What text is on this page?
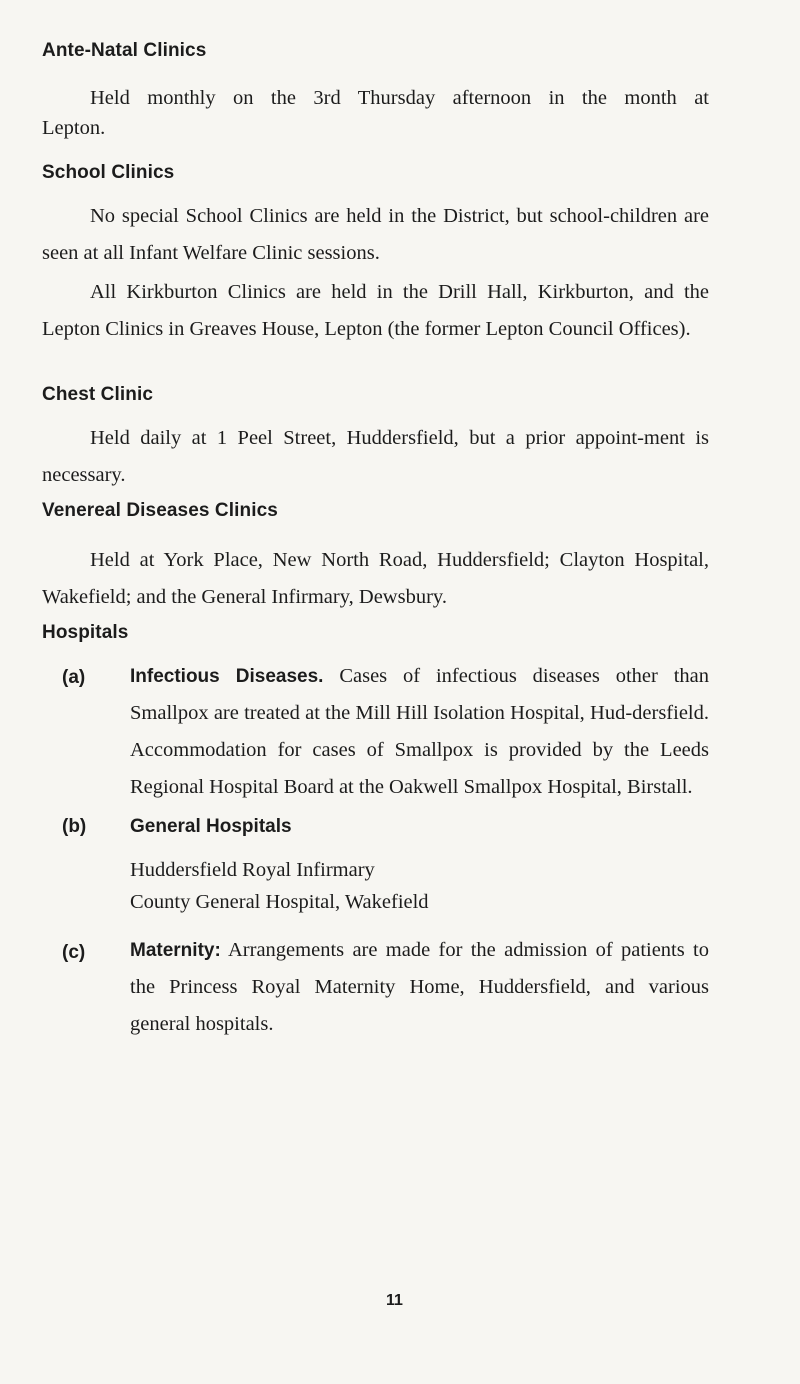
Ante-Natal Clinics

Held monthly on the 3rd Thursday afternoon in the month at

Lepton.

School Clinics

No special School Clinics are held in the District, but school-children are seen at all Infant Welfare Clinic sessions.

All Kirkburton Clinics are held in the Drill Hall, Kirkburton, and the Lepton Clinics in Greaves House, Lepton (the former Lepton Council Offices).

Chest Clinic

Held daily at 1 Peel Street, Huddersfield, but a prior appoint-ment is necessary.

Venereal Diseases Clinics

Held at York Place, New North Road, Huddersfield; Clayton Hospital, Wakefield; and the General Infirmary, Dewsbury.

Hospitals
(a) Infectious Diseases. Cases of infectious diseases other than Smallpox are treated at the Mill Hill Isolation Hospital, Hud-dersfield. Accommodation for cases of Smallpox is provided by the Leeds Regional Hospital Board at the Oakwell Smallpox Hospital, Birstall.

(b) General Hospitals

Huddersfield Royal Infirmary

County General Hospital, Wakefield

(c) Maternity: Arrangements are made for the admission of patients to the Princess Royal Maternity Home, Huddersfield, and various general hospitals.

11
